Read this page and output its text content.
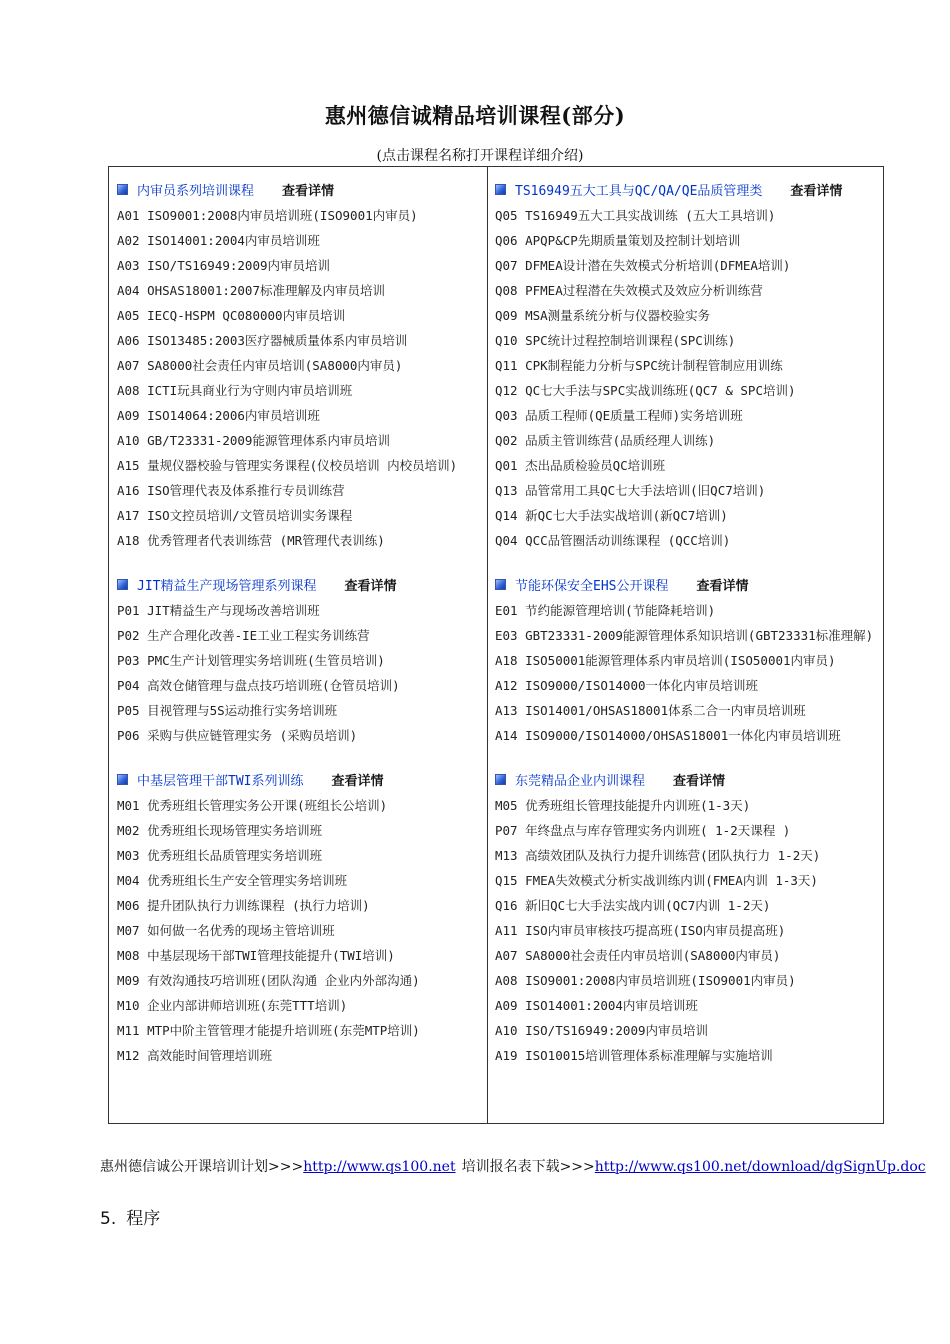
惠州德信诚精品培训课程(部分)
(点击课程名称打开课程详细介绍)
内审员系列培训课程 查看详情
A01 ISO9001:2008内审员培训班(ISO9001内审员)
A02 ISO14001:2004内审员培训班
A03 ISO/TS16949:2009内审员培训
A04 OHSAS18001:2007标准理解及内审员培训
A05 IECQ-HSPM QC080000内审员培训
A06 ISO13485:2003医疗器械质量体系内审员培训
A07 SA8000社会责任内审员培训(SA8000内审员)
A08 ICTI玩具商业行为守则内审员培训班
A09 ISO14064:2006内审员培训班
A10 GB/T23331-2009能源管理体系内审员培训
A15 量规仪器校验与管理实务课程(仪校员培训 内校员培训)
A16 ISO管理代表及体系推行专员训练营
A17 ISO文控员培训/文管员培训实务课程
A18 优秀管理者代表训练营 (MR管理代表训练)
JIT精益生产现场管理系列课程 查看详情
P01 JIT精益生产与现场改善培训班
P02 生产合理化改善-IE工业工程实务训练营
P03 PMC生产计划管理实务培训班(生管员培训)
P04 高效仓储管理与盘点技巧培训班(仓管员培训)
P05 目视管理与5S运动推行实务培训班
P06 采购与供应链管理实务 (采购员培训)
中基层管理干部TWI系列训练 查看详情
M01 优秀班组长管理实务公开课(班组长公培训)
M02 优秀班组长现场管理实务培训班
M03 优秀班组长品质管理实务培训班
M04 优秀班组长生产安全管理实务培训班
M06 提升团队执行力训练课程 (执行力培训)
M07 如何做一名优秀的现场主管培训班
M08 中基层现场干部TWI管理技能提升(TWI培训)
M09 有效沟通技巧培训班(团队沟通 企业内外部沟通)
M10 企业内部讲师培训班(东莞TTT培训)
M11 MTP中阶主管管理才能提升培训班(东莞MTP培训)
M12 高效能时间管理培训班
TS16949五大工具与QC/QA/QE品质管理类 查看详情
Q05 TS16949五大工具实战训练 (五大工具培训)
Q06 APQP&CP先期质量策划及控制计划培训
Q07 DFMEA设计潜在失效模式分析培训(DFMEA培训)
Q08 PFMEA过程潜在失效模式及效应分析训练营
Q09 MSA测量系统分析与仪器校验实务
Q10 SPC统计过程控制培训课程(SPC训练)
Q11 CPK制程能力分析与SPC统计制程管制应用训练
Q12 QC七大手法与SPC实战训练班(QC7 & SPC培训)
Q03 品质工程师(QE质量工程师)实务培训班
Q02 品质主管训练营(品质经理人训练)
Q01 杰出品质检验员QC培训班
Q13 品管常用工具QC七大手法培训(旧QC7培训)
Q14 新QC七大手法实战培训(新QC7培训)
Q04 QCC品管圈活动训练课程 (QCC培训)
节能环保安全EHS公开课程 查看详情
E01 节约能源管理培训(节能降耗培训)
E03 GBT23331-2009能源管理体系知识培训(GBT23331标准理解)
A18 ISO50001能源管理体系内审员培训(ISO50001内审员)
A12 ISO9000/ISO14000一体化内审员培训班
A13 ISO14001/OHSAS18001体系二合一内审员培训班
A14 ISO9000/ISO14000/OHSAS18001一体化内审员培训班
东莞精品企业内训课程 查看详情
M05 优秀班组长管理技能提升内训班(1-3天)
P07 年终盘点与库存管理实务内训班( 1-2天课程 )
M13 高绩效团队及执行力提升训练营(团队执行力 1-2天)
Q15 FMEA失效模式分析实战训练内训(FMEA内训 1-3天)
Q16 新旧QC七大手法实战内训(QC7内训 1-2天)
A11 ISO内审员审核技巧提高班(ISO内审员提高班)
A07 SA8000社会责任内审员培训(SA8000内审员)
A08 ISO9001:2008内审员培训班(ISO9001内审员)
A09 ISO14001:2004内审员培训班
A10 ISO/TS16949:2009内审员培训
A19 ISO10015培训管理体系标准理解与实施培训
惠州德信诚公开课培训计划>>>http://www.qs100.net 培训报名表下载>>>http://www.qs100.net/download/dgSignUp.doc
5. 程序
